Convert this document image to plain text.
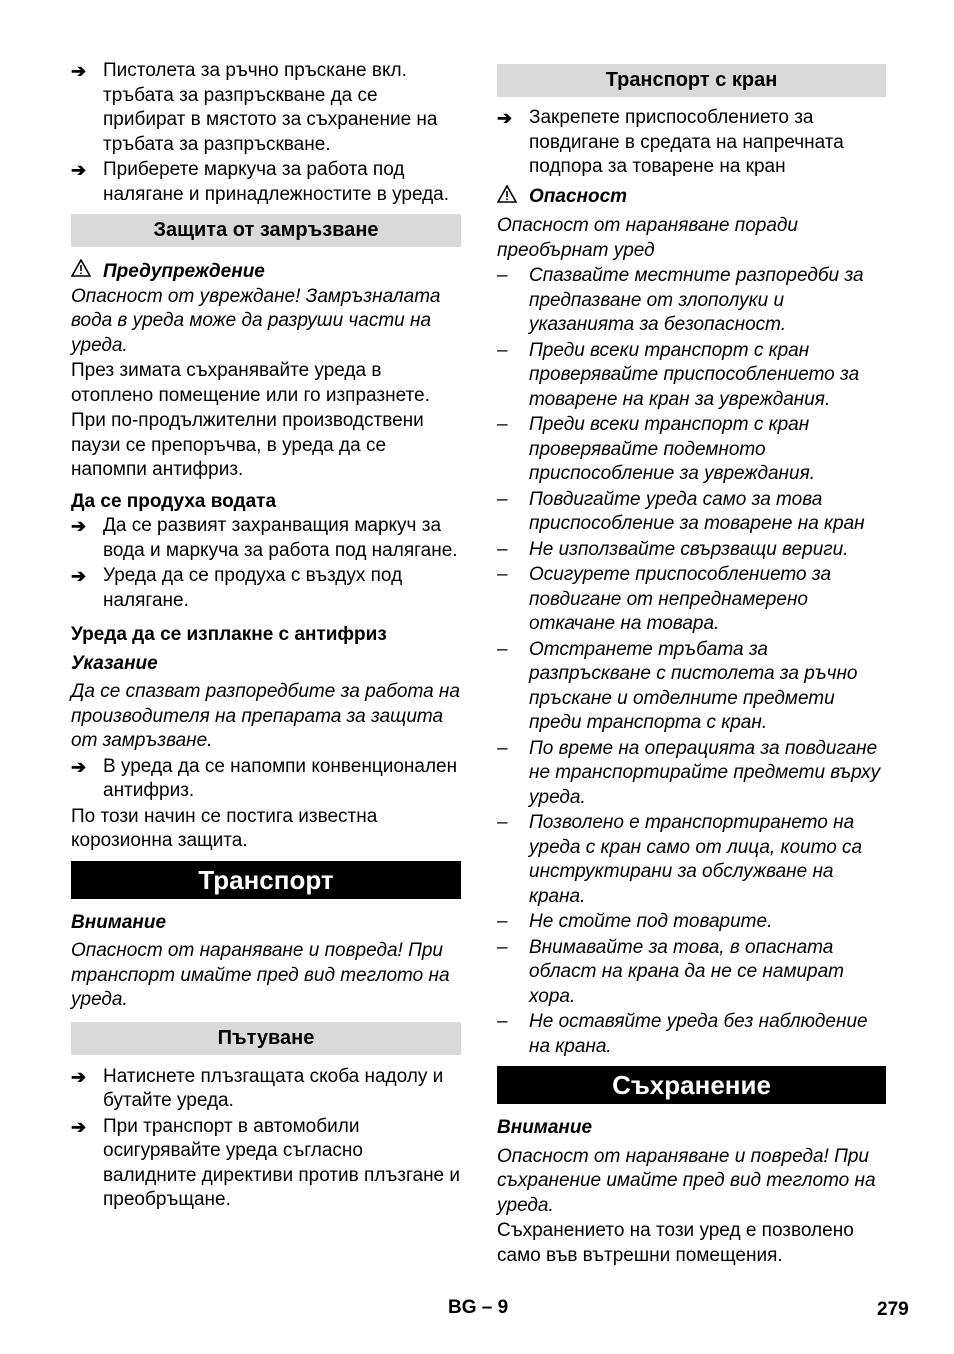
➔ Пистолета за ръчно пръскане вкл. тръбата за разпръскване да се прибират в мястото за съхранение на тръбата за разпръскване.
➔ Приберете маркуча за работа под налягане и принадлежностите в уреда.
Защита от замръзване
Предупреждение

Опасност от увреждане! Замръзналата вода в уреда може да разруши части на уреда.

През зимата съхранявайте уреда в отоплено помещение или го изпразнете.

При по-продължителни производствени паузи се препоръчва, в уреда да се напомпи антифриз.

Да се продуха водата

➔ Да се развият захранващия маркуч за вода и маркуча за работа под налягане.
➔ Уреда да се продуха с въздух под налягане.

Уреда да се изплакне с антифриз

Указание

Да се спазват разпоредбите за работа на производителя на препарата за защита от замръзване.

➔ В уреда да се напомпи конвенционален антифриз.

По този начин се постига известна корозионна защита.

Транспорт

Внимание

Опасност от нараняване и повреда! При транспорт имайте пред вид теглото на уреда.

Пътуване
➔ Натиснете плъзгащата скоба надолу и бутайте уреда.
➔ При транспорт в автомобили осигурявайте уреда съгласно валидните директиви против плъзгане и преобръщане.
Транспорт с кран
➔ Закрепете приспособлението за повдигане в средата на напречната подпора за товарене на кран
Опасност

Опасност от нараняване поради преобърнат уред

–	Спазвайте местните разпоредби за предпазване от злополуки и указанията за безопасност.
–	Преди всеки транспорт с кран проверявайте приспособлението за товарене на кран за увреждания.
–	Преди всеки транспорт с кран проверявайте подемното приспособление за увреждания.
–	Повдигайте уреда само за това приспособление за товарене на кран
–	Не използвайте свързващи вериги.
–	Осигурете приспособлението за повдигане от непреднамерено откачане на товара.
–	Отстранете тръбата за разпръскване с пистолета за ръчно пръскане и отделните предмети преди транспорта с кран.
–	По време на операцията за повдигане не транспортирайте предмети върху уреда.
–	Позволено е транспортирането на уреда с кран само от лица, които са инструктирани за обслужване на крана.
–	Не стойте под товарите.
–	Внимавайте за това, в опасната област на крана да не се намират хора.
–	Не оставяйте уреда без наблюдение на крана.
Съхранение

Внимание

Опасност от нараняване и повреда! При съхранение имайте пред вид теглото на уреда.

Съхранението на този уред е позволено само във вътрешни помещения.

BG – 9	279
